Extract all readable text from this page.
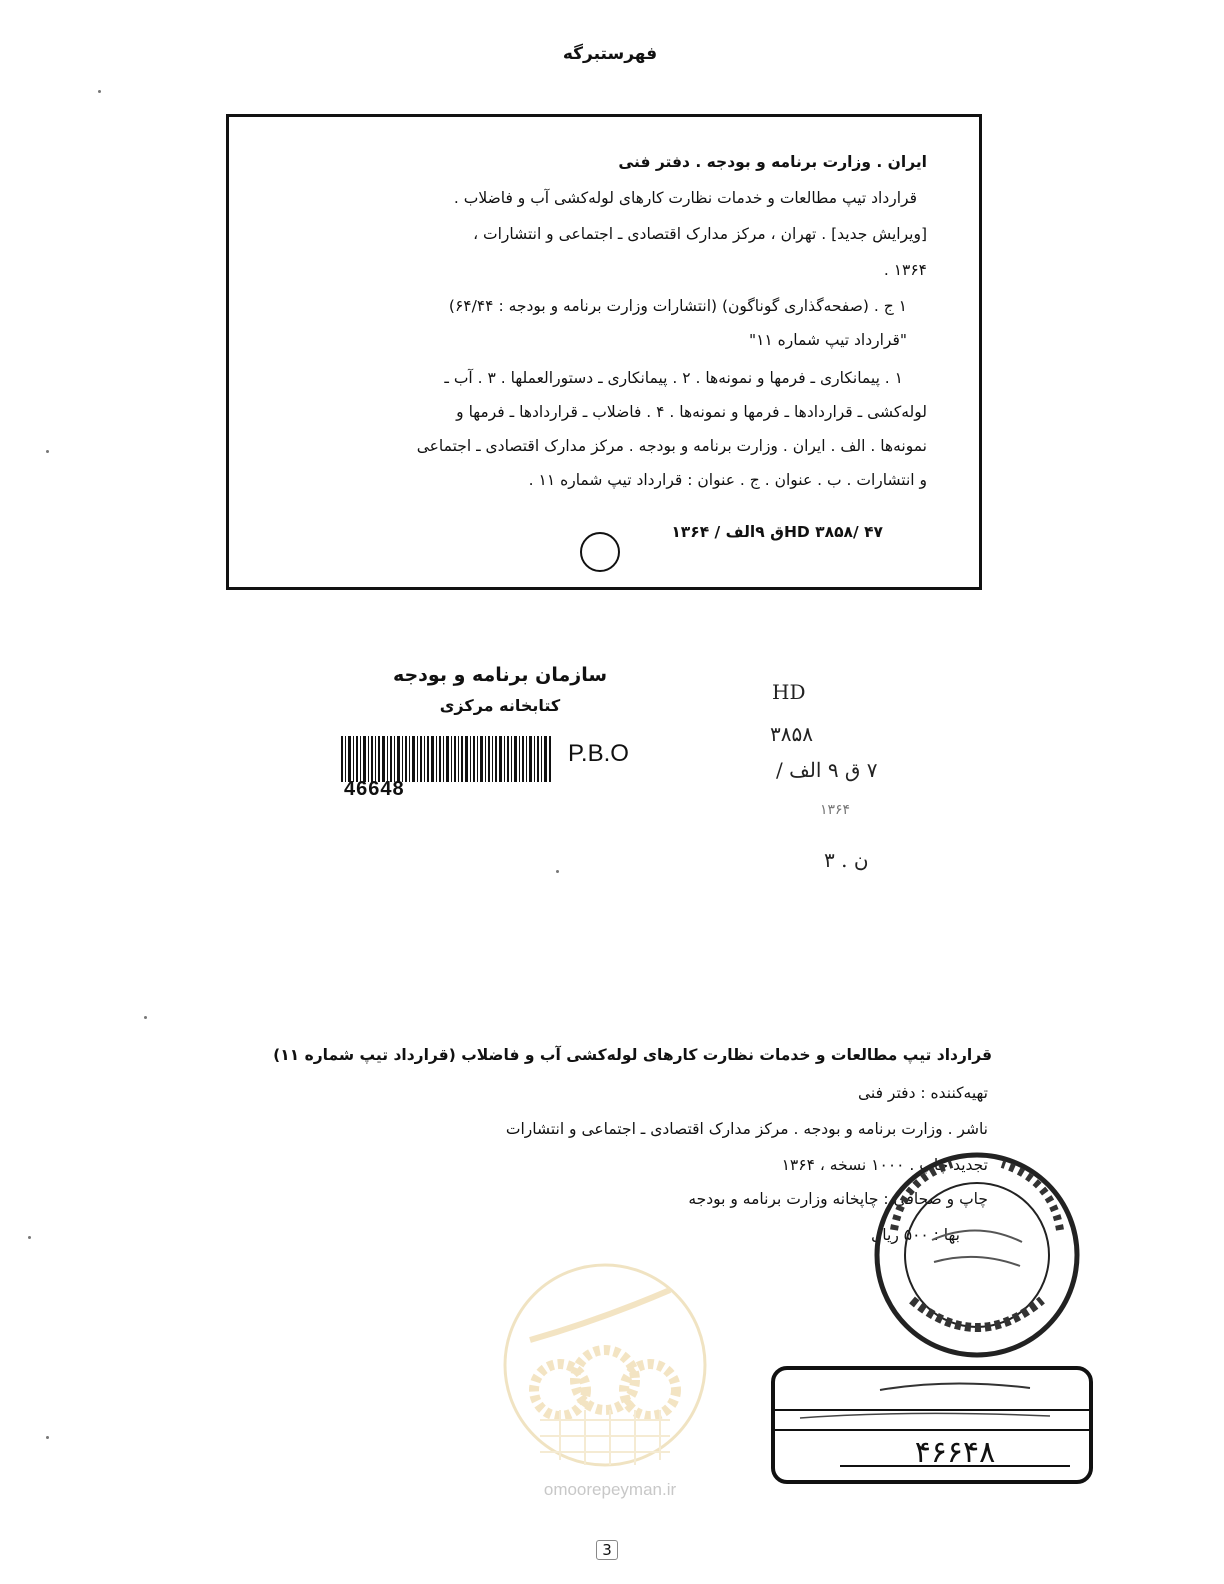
فهرستبرگه
ایران . وزارت برنامه و بودجه . دفتر فنی
قرارداد تیپ مطالعات و خدمات نظارت کارهای لوله‌کشی آب و فاضلاب .
[ویرایش جدید] . تهران ، مرکز مدارک اقتصادی ـ اجتماعی و انتشارات ،
۱۳۶۴ .
۱ ج . (صفحه‌گذاری گوناگون) (انتشارات وزارت برنامه و بودجه : ۶۴/۴۴)
"قرارداد تیپ شماره ۱۱"
۱ . پیمانکاری ـ فرمها و نمونه‌ها . ۲ . پیمانکاری ـ دستورالعملها . ۳ . آب ـ
لوله‌کشی ـ قراردادها ـ فرمها و نمونه‌ها . ۴ . فاضلاب ـ قراردادها ـ فرمها و
نمونه‌ها . الف . ایران . وزارت برنامه و بودجه . مرکز مدارک اقتصادی ـ اجتماعی
و انتشارات . ب . عنوان . ج . عنوان : قرارداد تیپ شماره ۱۱ .
HD ۳۸۵۸/ ۴۷ق ۹الف / ۱۳۶۴
سازمان برنامه و بودجه
کتابخانه مرکزی
P.B.O
46648
HD
۳۸۵۸
۷ ق ۹ الف /
۱۳۶۴
ن . ۳
قرارداد تیپ مطالعات و خدمات نظارت کارهای لوله‌کشی آب و فاضلاب (قرارداد تیپ شماره ۱۱)
تهیه‌کننده : دفتر فنی
ناشر . وزارت برنامه و بودجه . مرکز مدارک اقتصادی ـ اجتماعی و انتشارات
تجدید چاپ . ۱۰۰۰ نسخه ، ۱۳۶۴
چاپ و صحافی : چاپخانه وزارت برنامه و بودجه
بها : ۵۰۰ ریال
۴۶۶۴۸
omoorepeyman.ir
3
